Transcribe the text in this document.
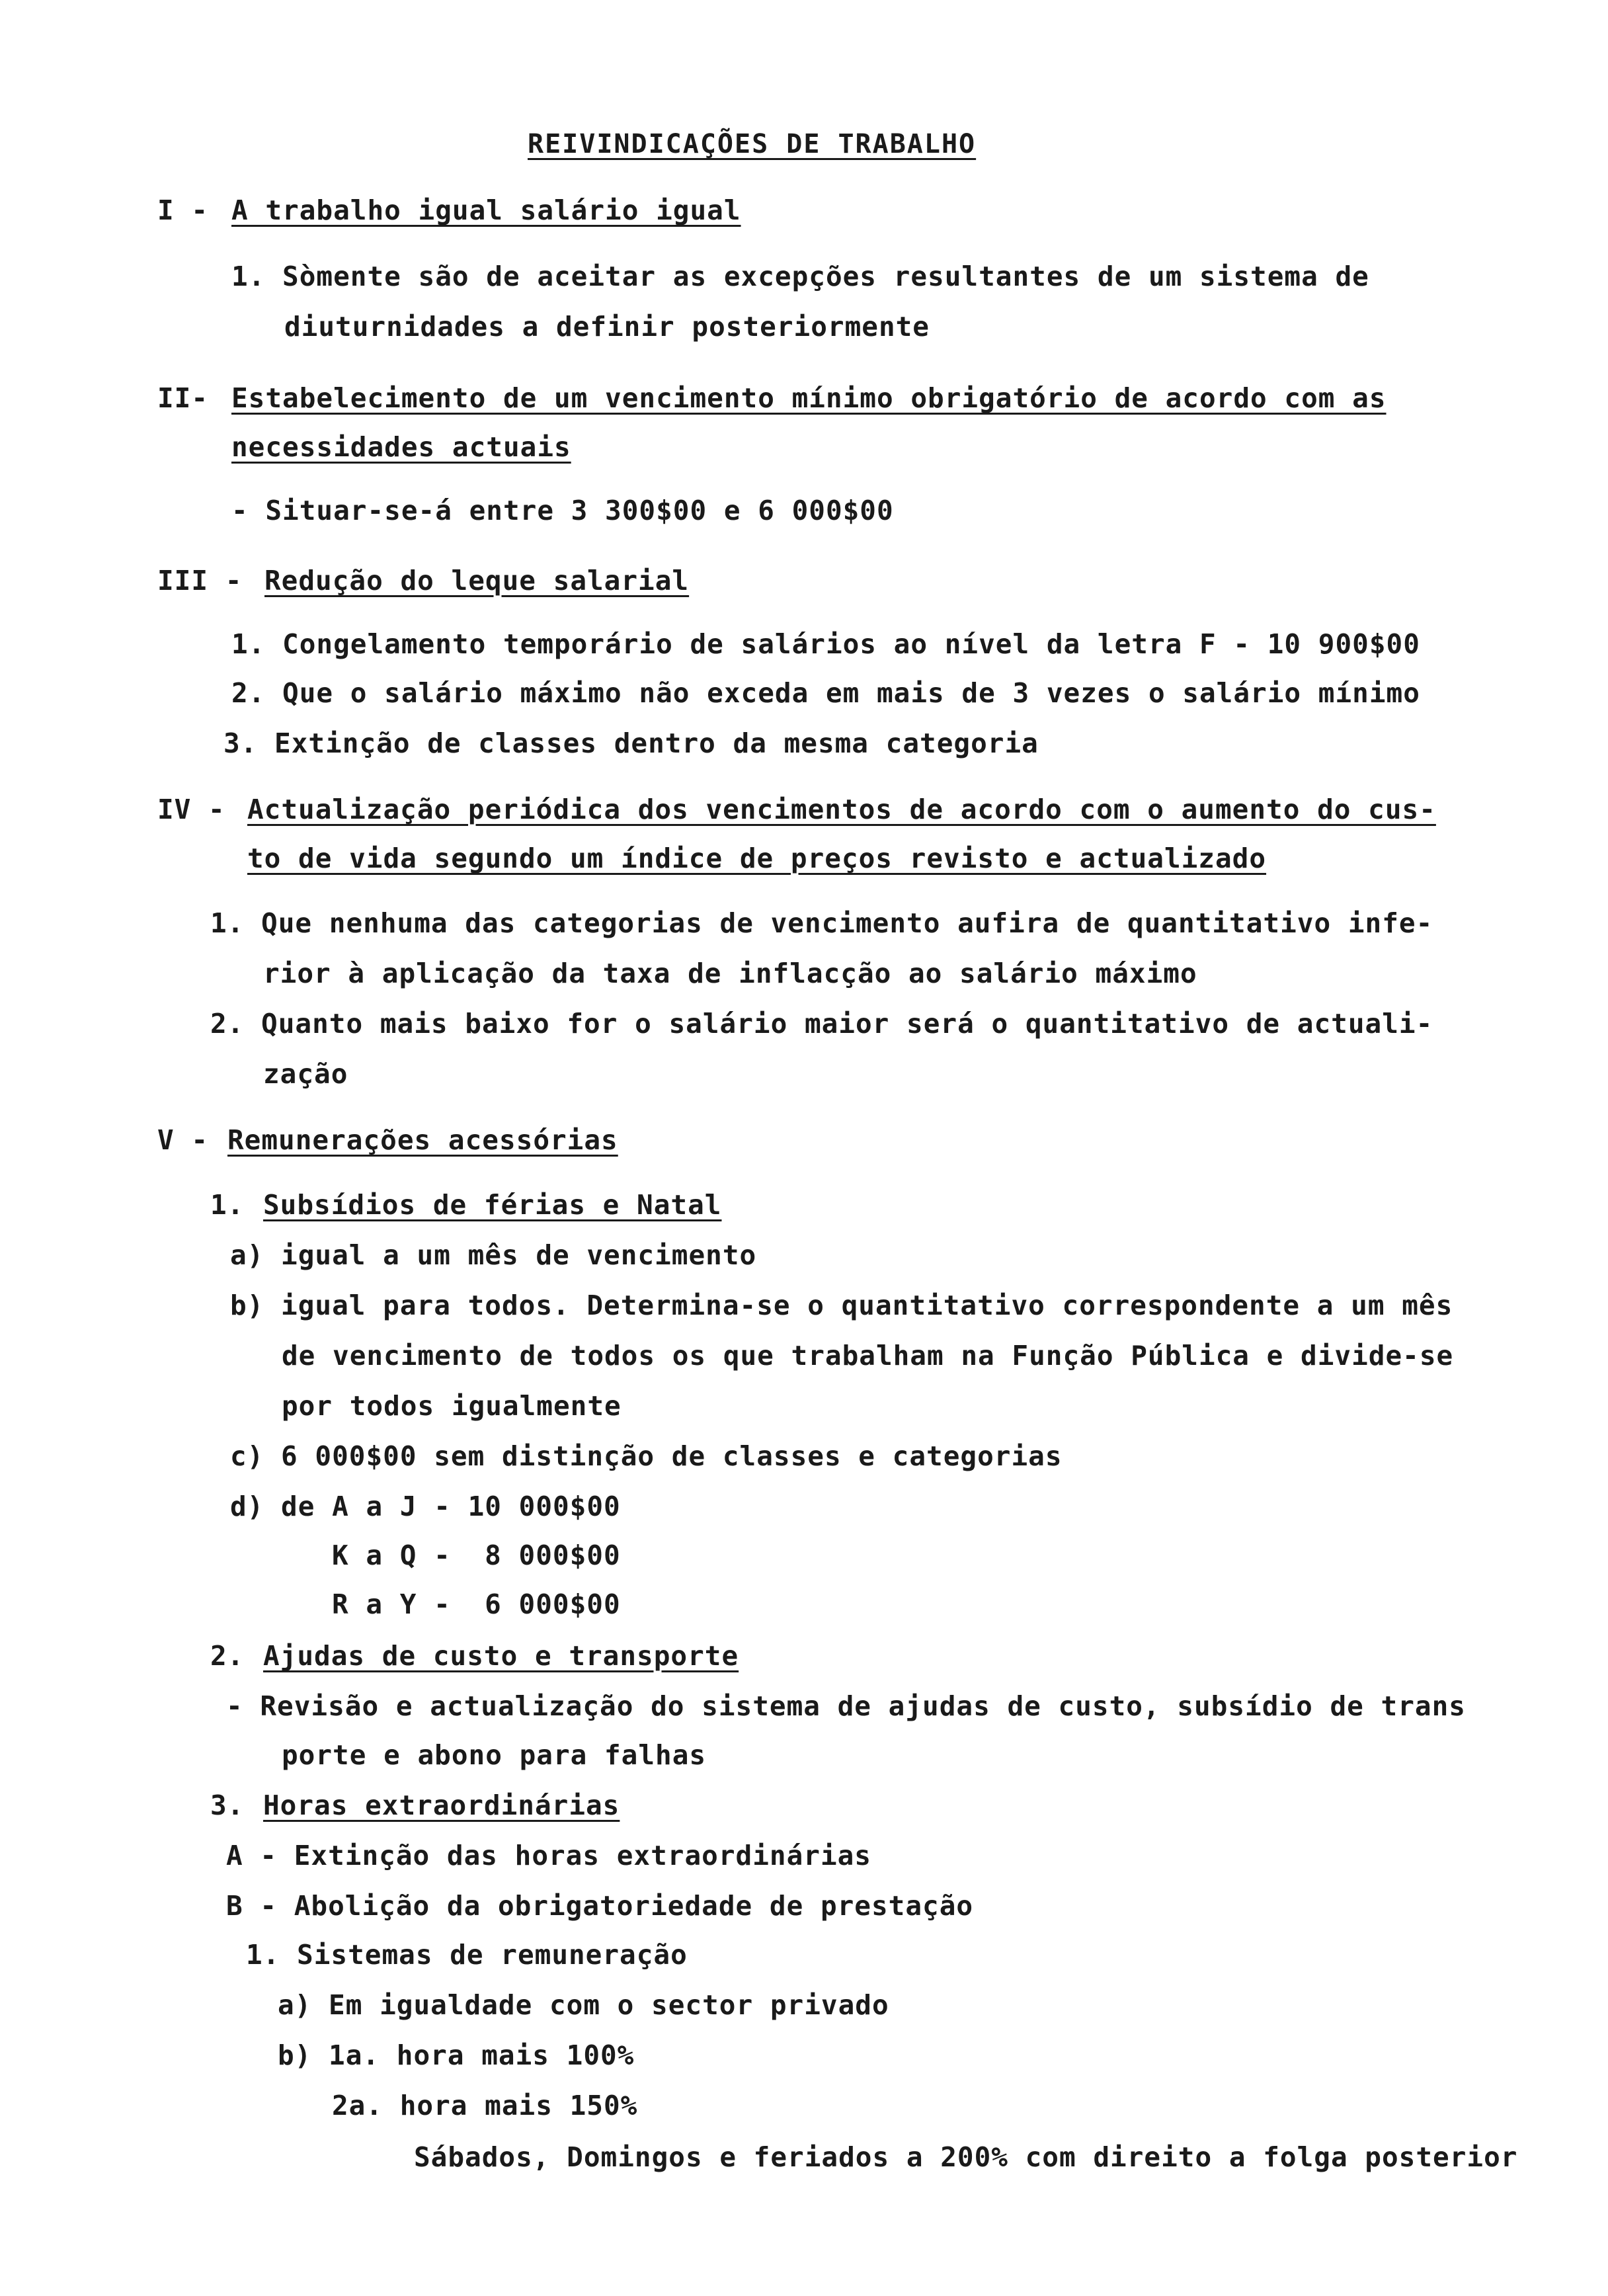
REIVINDICAÇÕES DE TRABALHO
I - A trabalho igual salário igual
1. Sòmente são de aceitar as excepções resultantes de um sistema de
diuturnidades a definir posteriormente
II- Estabelecimento de um vencimento mínimo obrigatório de acordo com as
necessidades actuais
- Situar-se-á entre 3 300$00 e 6 000$00
III - Redução do leque salarial
1. Congelamento temporário de salários ao nível da letra F - 10 900$00
2. Que o salário máximo não exceda em mais de 3 vezes o salário mínimo
3. Extinção de classes dentro da mesma categoria
IV - Actualização periódica dos vencimentos de acordo com o aumento do cus-
to de vida segundo um índice de preços revisto e actualizado
1. Que nenhuma das categorias de vencimento aufira de quantitativo infe-
rior à aplicação da taxa de inflacção ao salário máximo
2. Quanto mais baixo for o salário maior será o quantitativo de actuali-
zação
V - Remunerações acessórias
1. Subsídios de férias e Natal
a) igual a um mês de vencimento
b) igual para todos. Determina-se o quantitativo correspondente a um mês
de vencimento de todos os que trabalham na Função Pública e divide-se
por todos igualmente
c) 6 000$00 sem distinção de classes e categorias
d) de A a J - 10 000$00
K a Q -  8 000$00
R a Y -  6 000$00
2. Ajudas de custo e transporte
- Revisão e actualização do sistema de ajudas de custo, subsídio de trans
porte e abono para falhas
3. Horas extraordinárias
A - Extinção das horas extraordinárias
B - Abolição da obrigatoriedade de prestação
1. Sistemas de remuneração
a) Em igualdade com o sector privado
b) 1a. hora mais 100%
2a. hora mais 150%
Sábados, Domingos e feriados a 200% com direito a folga posterior
